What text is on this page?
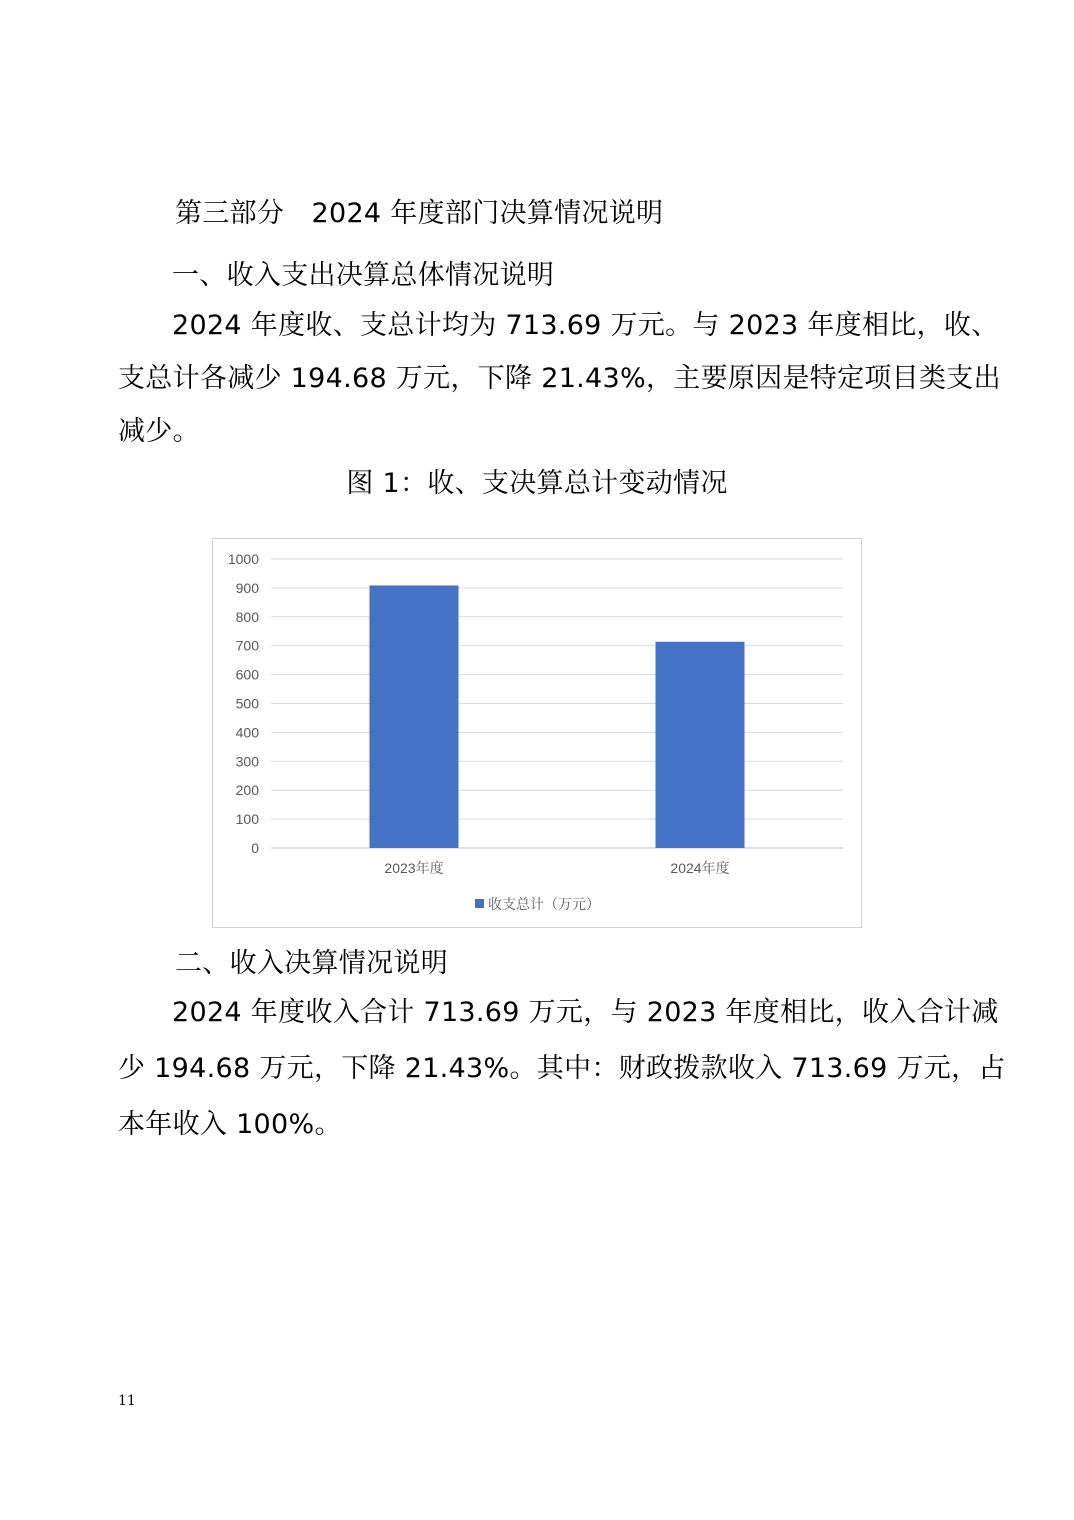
第三部分　2024 年度部门决算情况说明
一、收入支出决算总体情况说明
2024 年度收、支总计均为 713.69 万元。与 2023 年度相比，收、
支总计各减少 194.68 万元，下降 21.43%，主要原因是特定项目类支出
减少。
图 1：收、支决算总计变动情况
0
100
200
300
400
500
600
700
800
900
1000
2023年度	2024年度
收支总计（万元）
二、收入决算情况说明
2024 年度收入合计 713.69 万元，与 2023 年度相比，收入合计减
少 194.68 万元，下降 21.43%。其中：财政拨款收入 713.69 万元，占
本年收入 100%。
11
